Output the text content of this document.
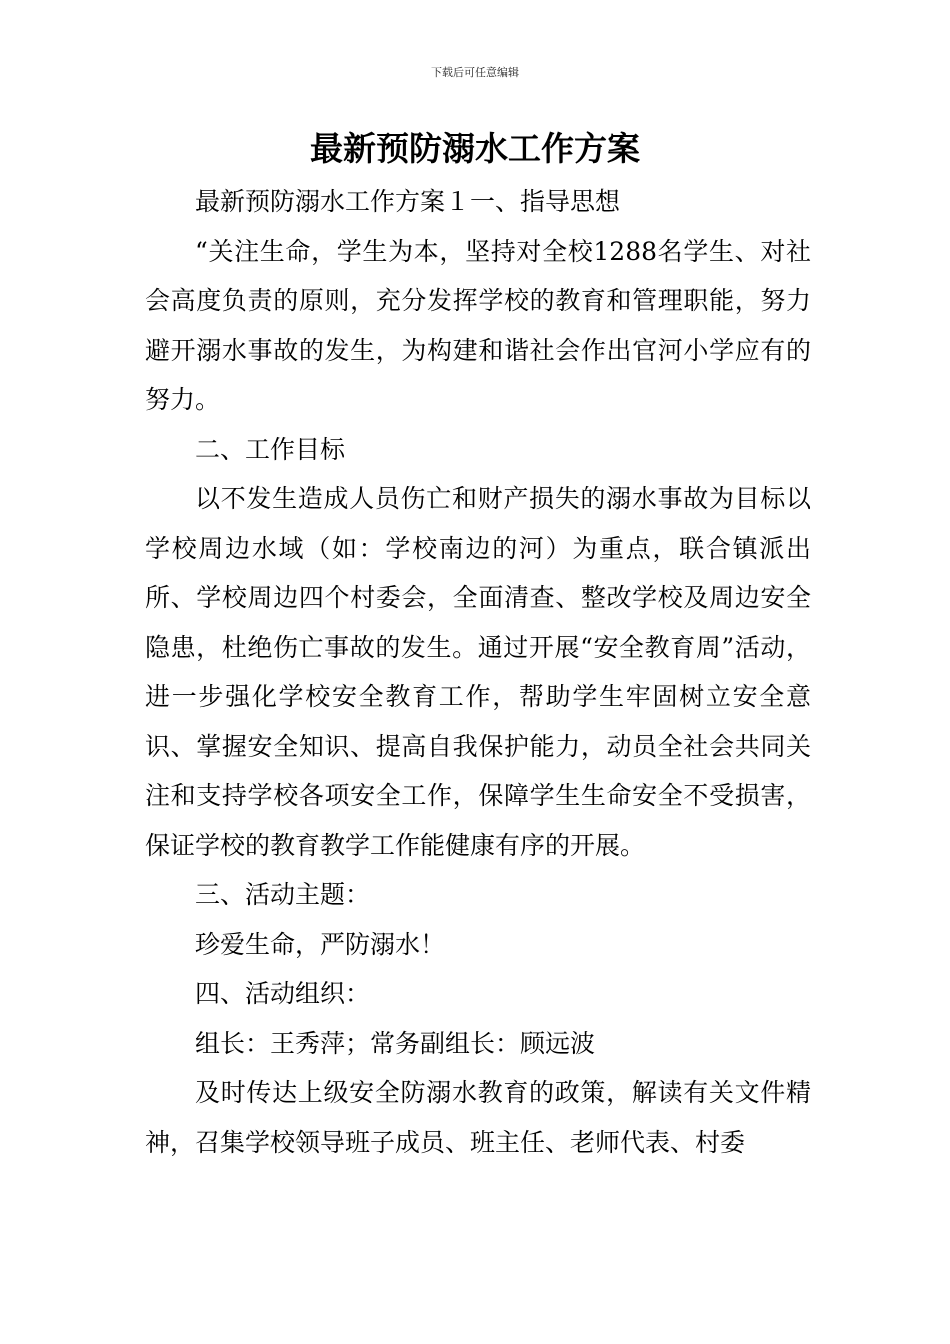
下载后可任意编辑
最新预防溺水工作方案

最新预防溺水工作方案１一、指导思想

“关注生命，学生为本，坚持对全校1288名学生、对社会高度负责的原则，充分发挥学校的教育和管理职能，努力避开溺水事故的发生，为构建和谐社会作出官河小学应有的努力。

二、工作目标

以不发生造成人员伤亡和财产损失的溺水事故为目标以学校周边水域（如：学校南边的河）为重点，联合镇派出所、学校周边四个村委会，全面清查、整改学校及周边安全隐患，杜绝伤亡事故的发生。通过开展“安全教育周”活动，进一步强化学校安全教育工作，帮助学生牢固树立安全意识、掌握安全知识、提高自我保护能力，动员全社会共同关注和支持学校各项安全工作，保障学生生命安全不受损害，保证学校的教育教学工作能健康有序的开展。

三、活动主题：

珍爱生命，严防溺水！

四、活动组织：

组长：王秀萍；常务副组长：顾远波

及时传达上级安全防溺水教育的政策，解读有关文件精神，召集学校领导班子成员、班主任、老师代表、村委
